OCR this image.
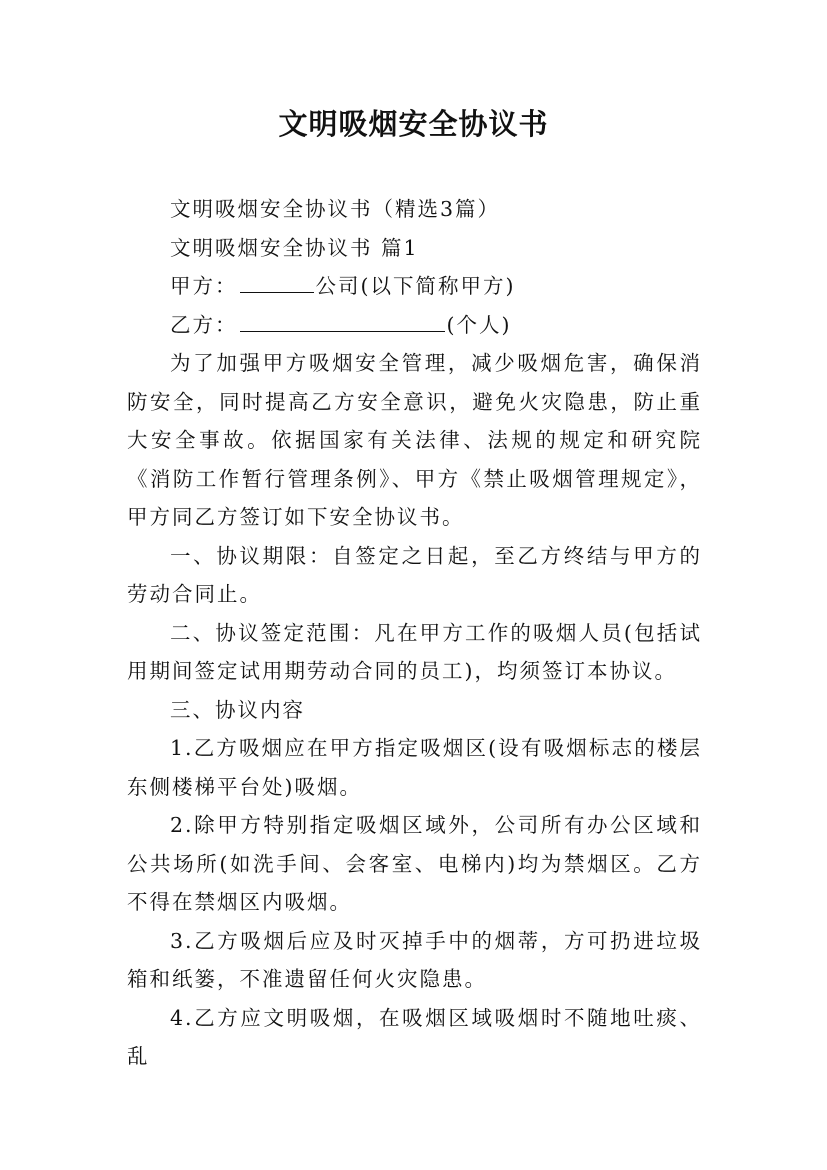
文明吸烟安全协议书

文明吸烟安全协议书（精选3篇）

文明吸烟安全协议书 篇1

甲方：	公司(以下简称甲方)

乙方：	(个人)

为了加强甲方吸烟安全管理，减少吸烟危害，确保消防安全，同时提高乙方安全意识，避免火灾隐患，防止重大安全事故。依据国家有关法律、法规的规定和研究院《消防工作暂行管理条例》、甲方《禁止吸烟管理规定》，甲方同乙方签订如下安全协议书。

一、协议期限：自签定之日起，至乙方终结与甲方的劳动合同止。

二、协议签定范围：凡在甲方工作的吸烟人员(包括试用期间签定试用期劳动合同的员工)，均须签订本协议。

三、协议内容

1.乙方吸烟应在甲方指定吸烟区(设有吸烟标志的楼层东侧楼梯平台处)吸烟。

2.除甲方特别指定吸烟区域外，公司所有办公区域和公共场所(如洗手间、会客室、电梯内)均为禁烟区。乙方不得在禁烟区内吸烟。

3.乙方吸烟后应及时灭掉手中的烟蒂，方可扔进垃圾箱和纸篓，不准遗留任何火灾隐患。

4.乙方应文明吸烟，在吸烟区域吸烟时不随地吐痰、乱
